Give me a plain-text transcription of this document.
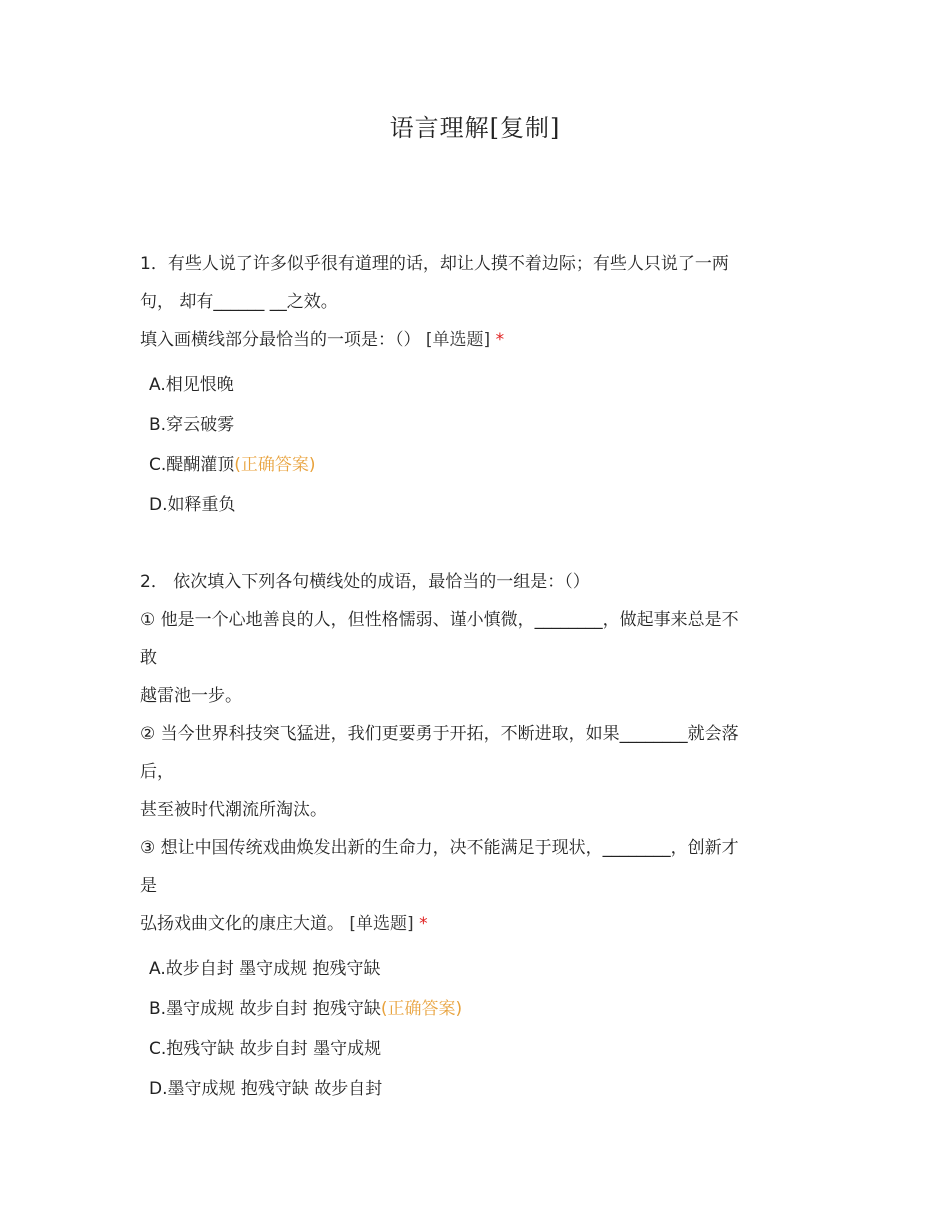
语言理解[复制]
1．有些人说了许多似乎很有道理的话，却让人摸不着边际；有些人只说了一两
句， 却有______ __之效。
填入画横线部分最恰当的一项是：（） [单选题] *
A.相见恨晚
B.穿云破雾
C.醍醐灌顶(正确答案)
D.如释重负
2． 依次填入下列各句横线处的成语，最恰当的一组是：（）
① 他是一个心地善良的人，但性格懦弱、谨小慎微，________，做起事来总是不
敢
越雷池一步。
② 当今世界科技突飞猛进，我们更要勇于开拓，不断进取，如果________就会落
后，
甚至被时代潮流所淘汰。
③ 想让中国传统戏曲焕发出新的生命力，决不能满足于现状，________，创新才
是
弘扬戏曲文化的康庄大道。 [单选题] *
A.故步自封 墨守成规 抱残守缺
B.墨守成规 故步自封 抱残守缺(正确答案)
C.抱残守缺 故步自封 墨守成规
D.墨守成规 抱残守缺 故步自封
